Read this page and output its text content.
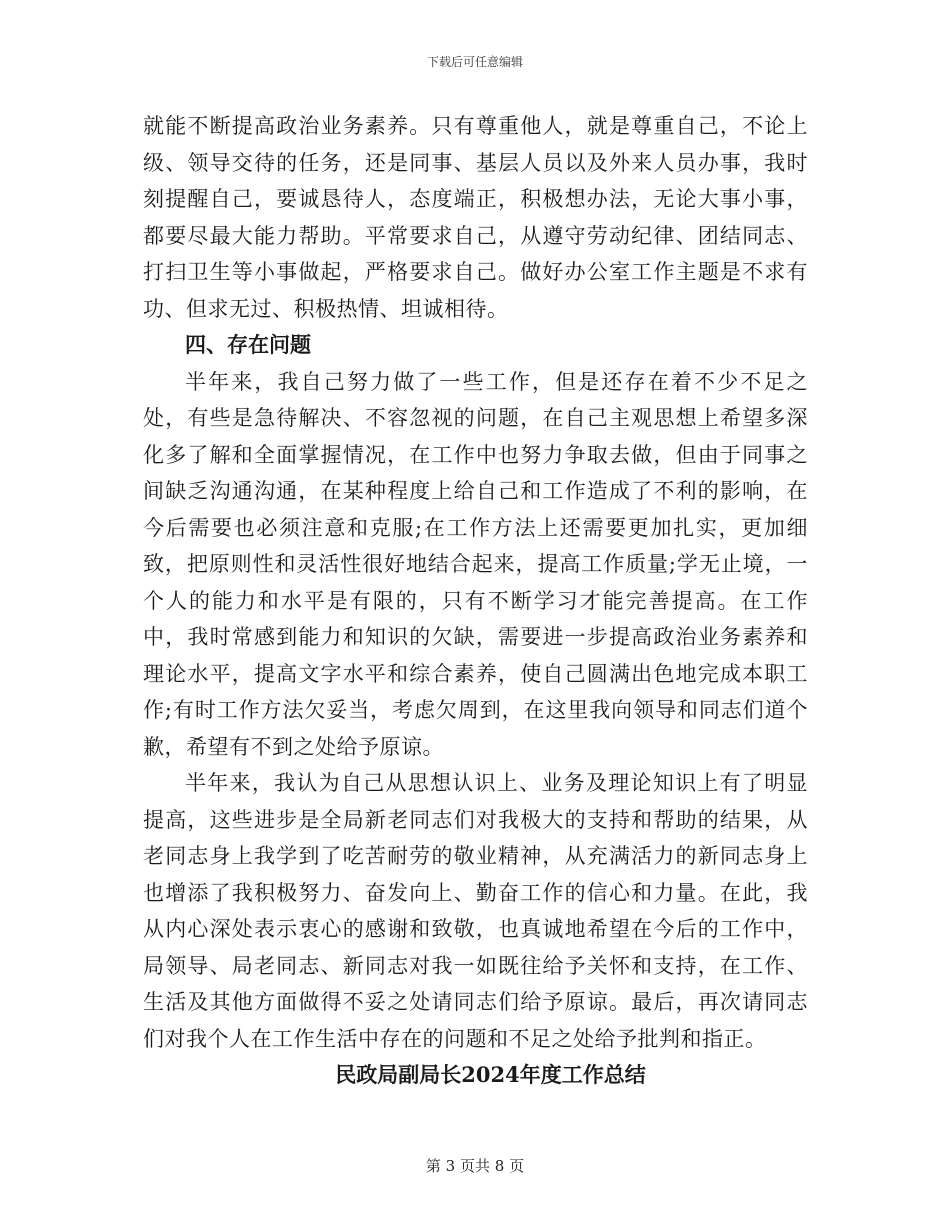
下载后可任意编辑

就能不断提高政治业务素养。只有尊重他人，就是尊重自己，不论上级、领导交待的任务，还是同事、基层人员以及外来人员办事，我时刻提醒自己，要诚恳待人，态度端正，积极想办法，无论大事小事，都要尽最大能力帮助。平常要求自己，从遵守劳动纪律、团结同志、打扫卫生等小事做起，严格要求自己。做好办公室工作主题是不求有功、但求无过、积极热情、坦诚相待。

四、存在问题

半年来，我自己努力做了一些工作，但是还存在着不少不足之处，有些是急待解决、不容忽视的问题，在自己主观思想上希望多深化多了解和全面掌握情况，在工作中也努力争取去做，但由于同事之间缺乏沟通沟通，在某种程度上给自己和工作造成了不利的影响，在今后需要也必须注意和克服;在工作方法上还需要更加扎实，更加细致，把原则性和灵活性很好地结合起来，提高工作质量;学无止境，一个人的能力和水平是有限的，只有不断学习才能完善提高。在工作中，我时常感到能力和知识的欠缺，需要进一步提高政治业务素养和理论水平，提高文字水平和综合素养，使自己圆满出色地完成本职工作;有时工作方法欠妥当，考虑欠周到，在这里我向领导和同志们道个歉，希望有不到之处给予原谅。

半年来，我认为自己从思想认识上、业务及理论知识上有了明显提高，这些进步是全局新老同志们对我极大的支持和帮助的结果，从老同志身上我学到了吃苦耐劳的敬业精神，从充满活力的新同志身上也增添了我积极努力、奋发向上、勤奋工作的信心和力量。在此，我从内心深处表示衷心的感谢和致敬，也真诚地希望在今后的工作中，局领导、局老同志、新同志对我一如既往给予关怀和支持，在工作、生活及其他方面做得不妥之处请同志们给予原谅。最后，再次请同志们对我个人在工作生活中存在的问题和不足之处给予批判和指正。

民政局副局长2024年度工作总结

第 3 页共 8 页
